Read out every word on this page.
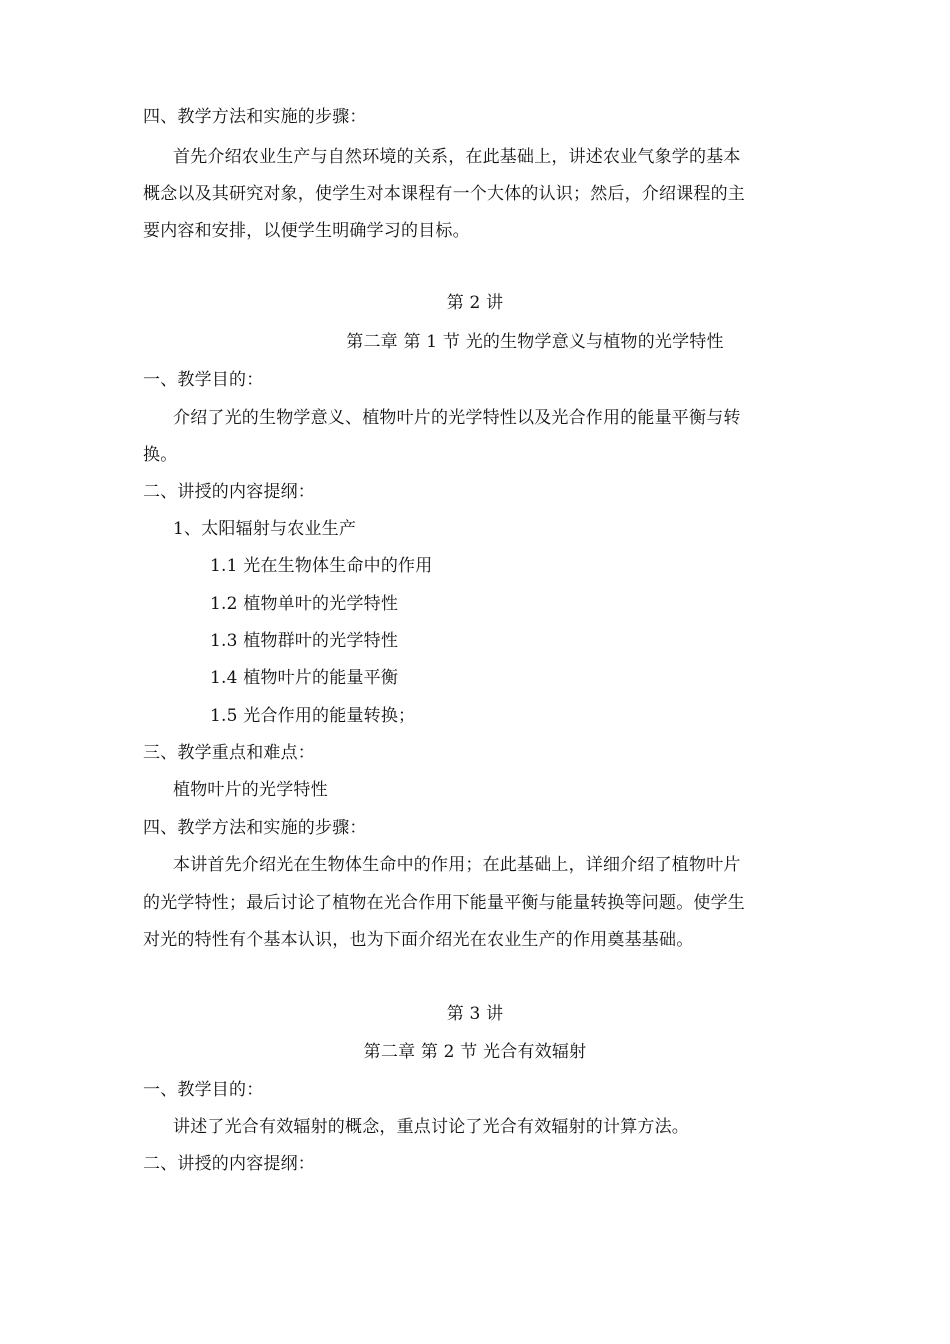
四、教学方法和实施的步骤：
首先介绍农业生产与自然环境的关系，在此基础上，讲述农业气象学的基本
概念以及其研究对象，使学生对本课程有一个大体的认识；然后，介绍课程的主
要内容和安排，以便学生明确学习的目标。
第 2 讲
第二章 第 1 节 光的生物学意义与植物的光学特性
一、教学目的：
介绍了光的生物学意义、植物叶片的光学特性以及光合作用的能量平衡与转
换。
二、讲授的内容提纲：
1、太阳辐射与农业生产
1.1 光在生物体生命中的作用
1.2 植物单叶的光学特性
1.3 植物群叶的光学特性
1.4 植物叶片的能量平衡
1.5 光合作用的能量转换；
三、教学重点和难点：
植物叶片的光学特性
四、教学方法和实施的步骤：
本讲首先介绍光在生物体生命中的作用；在此基础上，详细介绍了植物叶片
的光学特性；最后讨论了植物在光合作用下能量平衡与能量转换等问题。使学生
对光的特性有个基本认识，也为下面介绍光在农业生产的作用奠基基础。
第 3 讲
第二章 第 2 节 光合有效辐射
一、教学目的：
讲述了光合有效辐射的概念，重点讨论了光合有效辐射的计算方法。
二、讲授的内容提纲：
